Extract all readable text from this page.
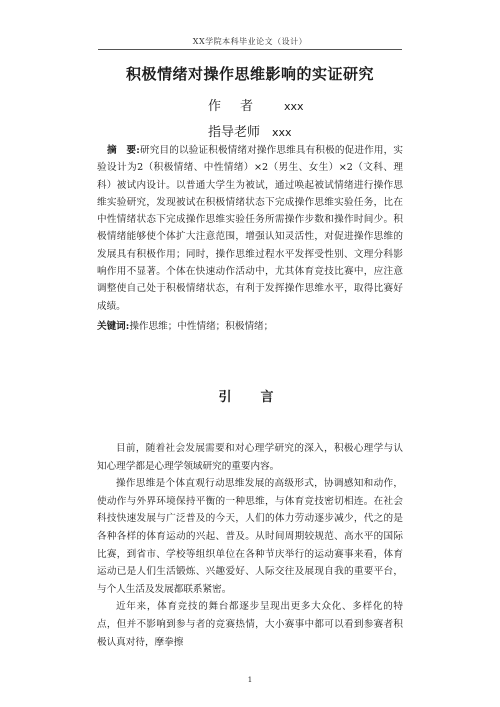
XX学院本科毕业论文（设计）
积极情绪对操作思维影响的实证研究
作者 xxx
指导老师 xxx

摘　要:研究目的以验证积极情绪对操作思维具有积极的促进作用，实验设计为2（积极情绪、中性情绪）×2（男生、女生）×2（文科、理科）被试内设计。以普通大学生为被试，通过唤起被试情绪进行操作思维实验研究，发现被试在积极情绪状态下完成操作思维实验任务，比在中性情绪状态下完成操作思维实验任务所需操作步数和操作时间少。积极情绪能够使个体扩大注意范围，增强认知灵活性，对促进操作思维的发展具有积极作用；同时，操作思维过程水平发挥受性别、文理分科影响作用不显著。个体在快速动作活动中，尤其体育竞技比赛中，应注意调整使自己处于积极情绪状态，有利于发挥操作思维水平，取得比赛好成绩。

关键词:操作思维；中性情绪；积极情绪；

引　言

目前，随着社会发展需要和对心理学研究的深入，积极心理学与认知心理学都是心理学领域研究的重要内容。

操作思维是个体直观行动思维发展的高级形式，协调感知和动作，使动作与外界环境保持平衡的一种思维，与体育竞技密切相连。在社会科技快速发展与广泛普及的今天，人们的体力劳动逐步减少，代之的是各种各样的体育运动的兴起、普及。从时间周期较规范、高水平的国际比赛，到省市、学校等组织单位在各种节庆举行的运动赛事来看，体育运动已是人们生活锻炼、兴趣爱好、人际交往及展现自我的重要平台，与个人生活及发展都联系紧密。

近年来，体育竞技的舞台都逐步呈现出更多大众化、多样化的特点，但并不影响到参与者的竞赛热情，大小赛事中都可以看到参赛者积极认真对待，摩拳擦

1
